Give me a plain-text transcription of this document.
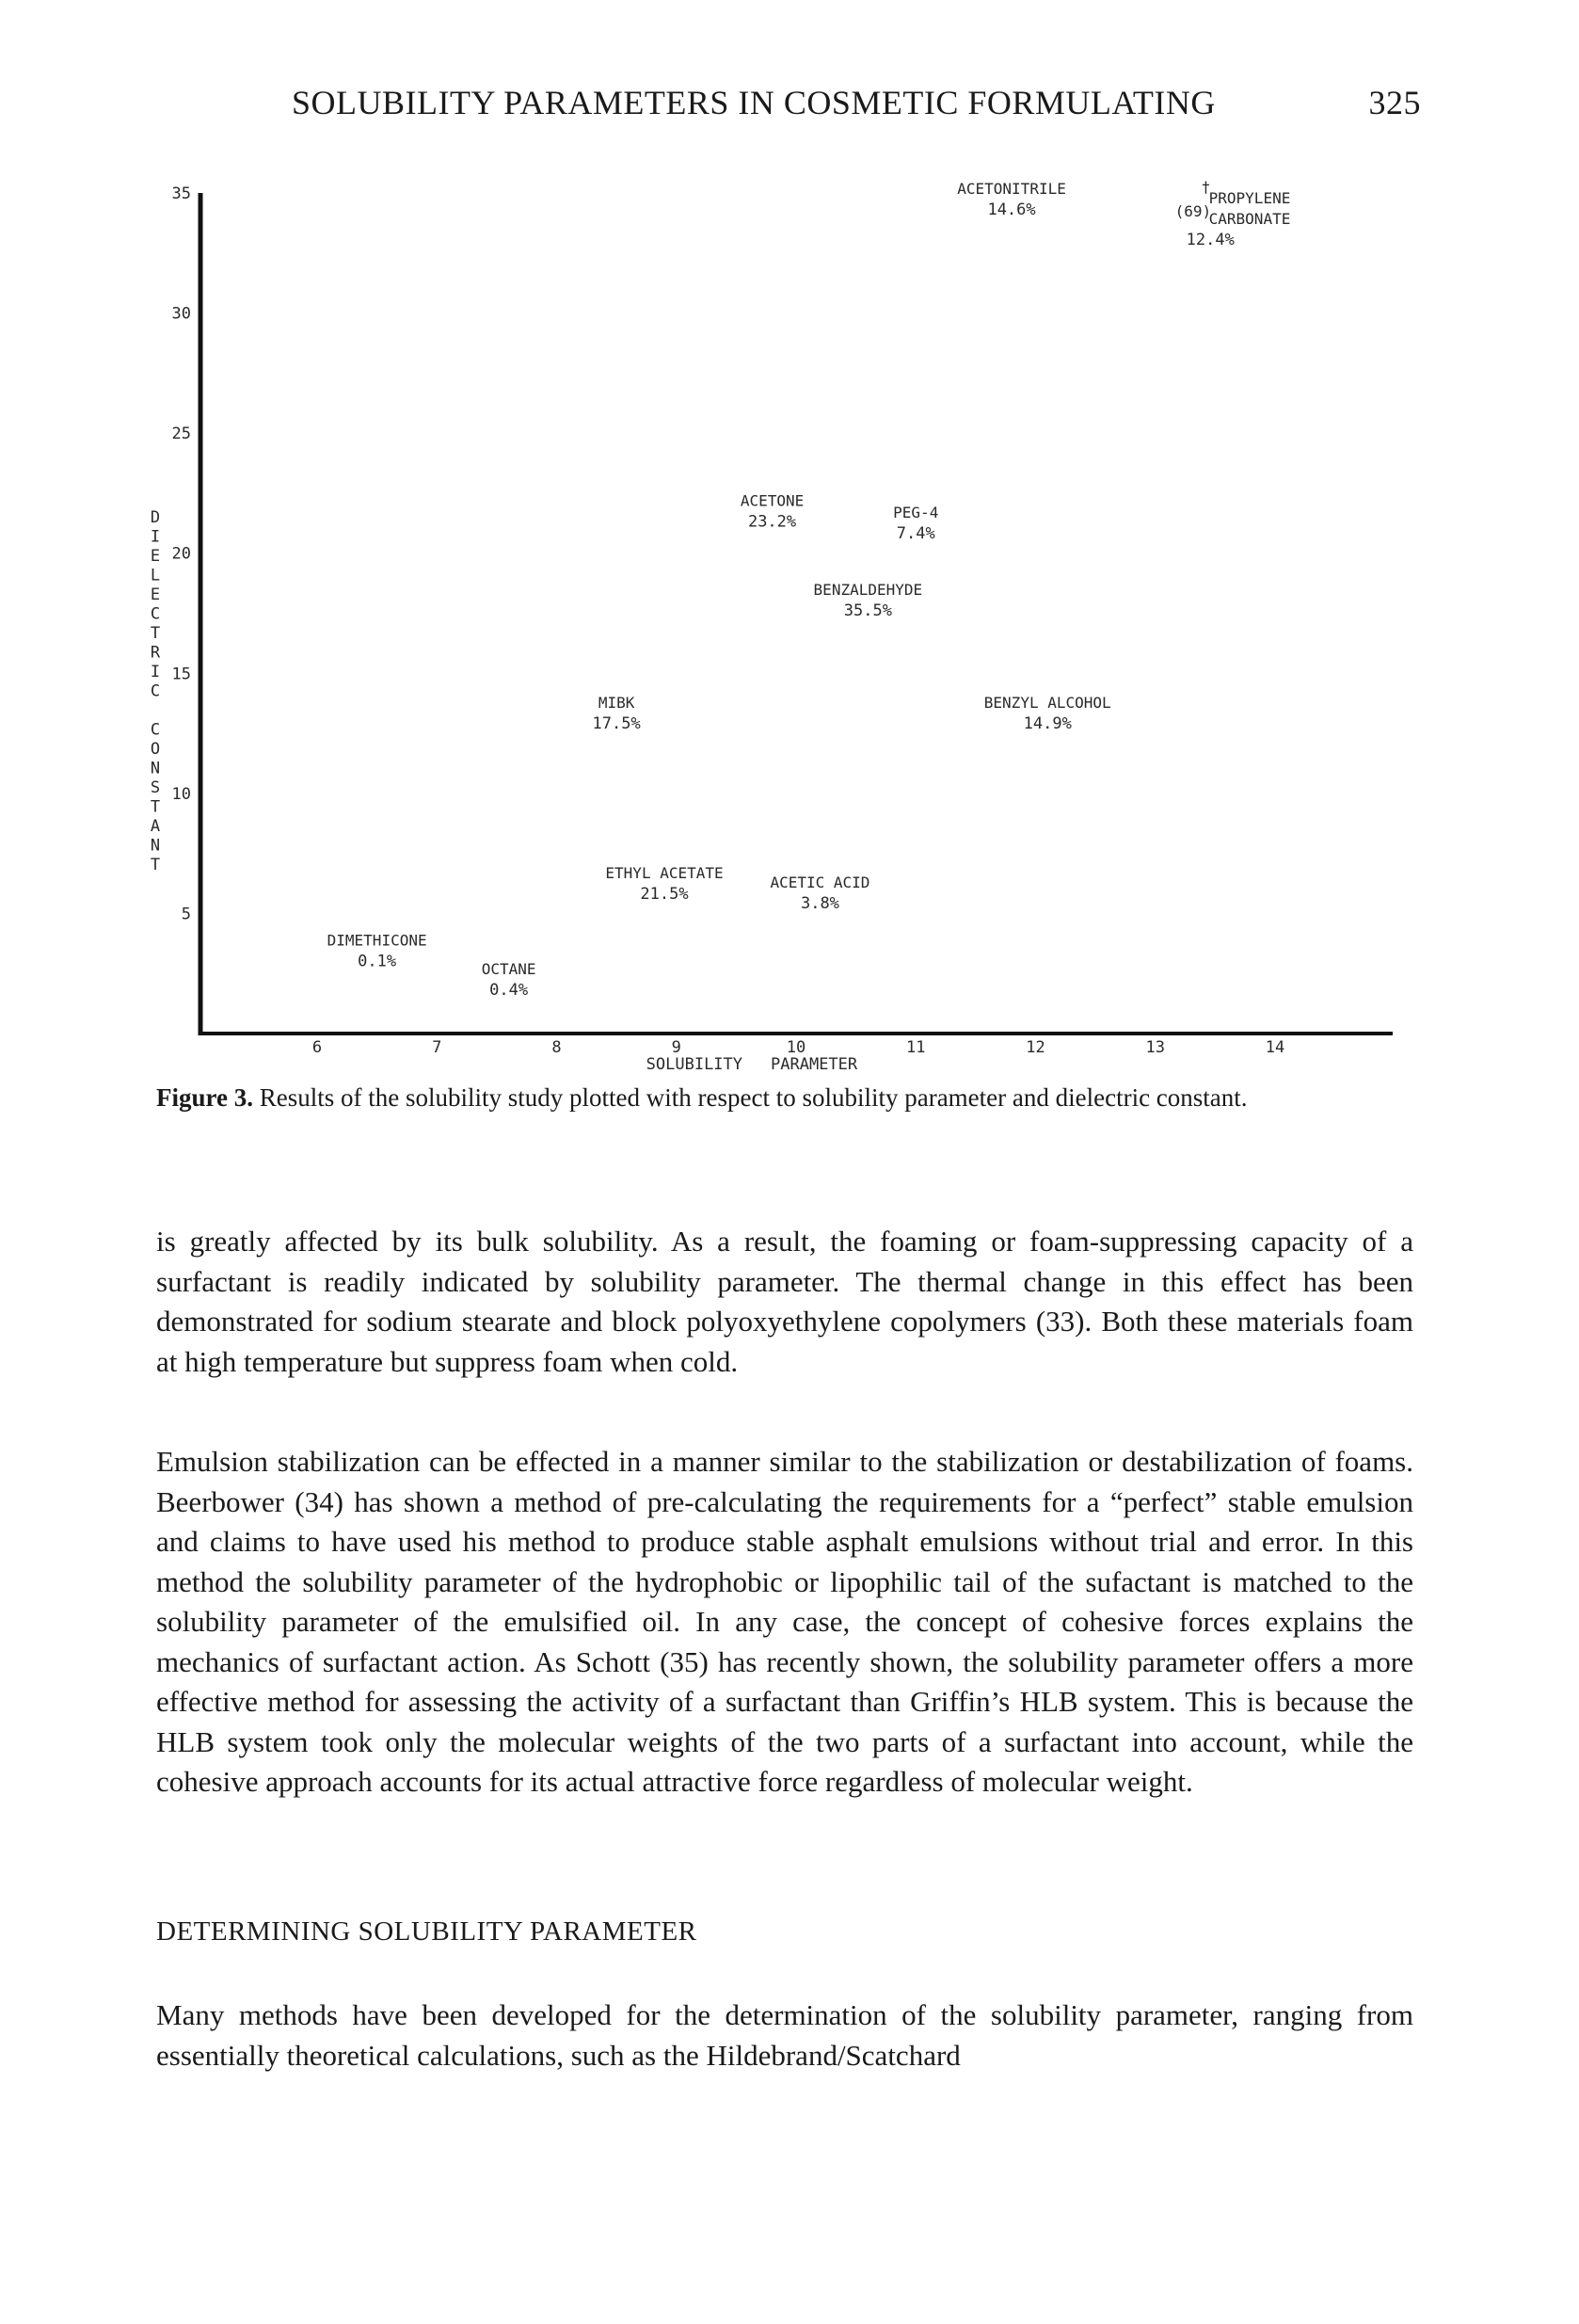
SOLUBILITY PARAMETERS IN COSMETIC FORMULATING	325
5
10
15
20
25
30
35
6	7	8	9	10	11	12	13	14
D
I
E
L
E
C
T
R
I
C
C
O
N
S
T
A
N
T
SOLUBILITY PARAMETER
DIMETHICONE
0.1%	OCTANE
0.4%
ETHYL ACETATE
21.5%
MIBK
17.5%
ACETONE
23.2%
ACETIC ACID
3.8%
BENZALDEHYDE
35.5%
PEG-4
7.4%
BENZYL ALCOHOL
14.9%
ACETONITRILE
14.6%
PROPYLENE
(69)
CARBONATE
†
12.4%
Figure 3. Results of the solubility study plotted with respect to solubility parameter and dielectric constant.

is greatly affected by its bulk solubility. As a result, the foaming or foam-suppressing capacity of a surfactant is readily indicated by solubility parameter. The thermal change in this effect has been demonstrated for sodium stearate and block polyoxyethylene copolymers (33). Both these materials foam at high temperature but suppress foam when cold.

Emulsion stabilization can be effected in a manner similar to the stabilization or destabilization of foams. Beerbower (34) has shown a method of pre-calculating the requirements for a “perfect” stable emulsion and claims to have used his method to produce stable asphalt emulsions without trial and error. In this method the solubility parameter of the hydrophobic or lipophilic tail of the sufactant is matched to the solubility parameter of the emulsified oil. In any case, the concept of cohesive forces explains the mechanics of surfactant action. As Schott (35) has recently shown, the solubility parameter offers a more effective method for assessing the activity of a surfactant than Griffin’s HLB system. This is because the HLB system took only the molecular weights of the two parts of a surfactant into account, while the cohesive approach accounts for its actual attractive force regardless of molecular weight.

DETERMINING SOLUBILITY PARAMETER

Many methods have been developed for the determination of the solubility parameter, ranging from essentially theoretical calculations, such as the Hildebrand/Scatchard
